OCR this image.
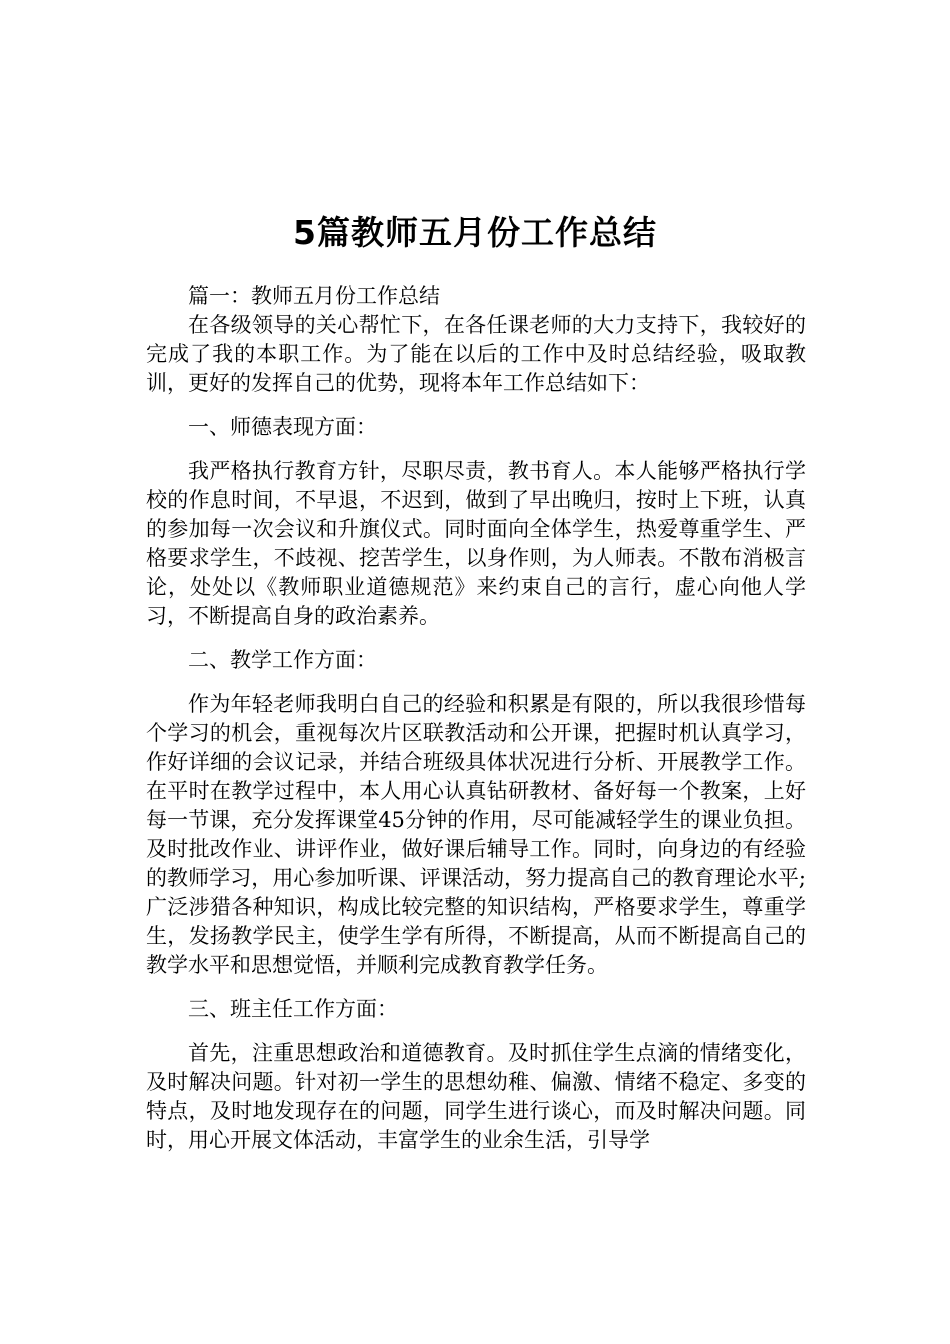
5篇教师五月份工作总结

篇一：教师五月份工作总结

在各级领导的关心帮忙下，在各任课老师的大力支持下，我较好的完成了我的本职工作。为了能在以后的工作中及时总结经验，吸取教训，更好的发挥自己的优势，现将本年工作总结如下：

一、师德表现方面：

我严格执行教育方针，尽职尽责，教书育人。本人能够严格执行学校的作息时间，不早退，不迟到，做到了早出晚归，按时上下班，认真的参加每一次会议和升旗仪式。同时面向全体学生，热爱尊重学生、严格要求学生，不歧视、挖苦学生，以身作则，为人师表。不散布消极言论，处处以《教师职业道德规范》来约束自己的言行，虚心向他人学习，不断提高自身的政治素养。

二、教学工作方面：

作为年轻老师我明白自己的经验和积累是有限的，所以我很珍惜每个学习的机会，重视每次片区联教活动和公开课，把握时机认真学习，作好详细的会议记录，并结合班级具体状况进行分析、开展教学工作。在平时在教学过程中，本人用心认真钻研教材、备好每一个教案，上好每一节课，充分发挥课堂45分钟的作用，尽可能减轻学生的课业负担。及时批改作业、讲评作业，做好课后辅导工作。同时，向身边的有经验的教师学习，用心参加听课、评课活动，努力提高自己的教育理论水平;广泛涉猎各种知识，构成比较完整的知识结构，严格要求学生，尊重学生，发扬教学民主，使学生学有所得，不断提高，从而不断提高自己的教学水平和思想觉悟，并顺利完成教育教学任务。

三、班主任工作方面：

首先，注重思想政治和道德教育。及时抓住学生点滴的情绪变化，及时解决问题。针对初一学生的思想幼稚、偏激、情绪不稳定、多变的特点，及时地发现存在的问题，同学生进行谈心，而及时解决问题。同时，用心开展文体活动，丰富学生的业余生活，引导学
